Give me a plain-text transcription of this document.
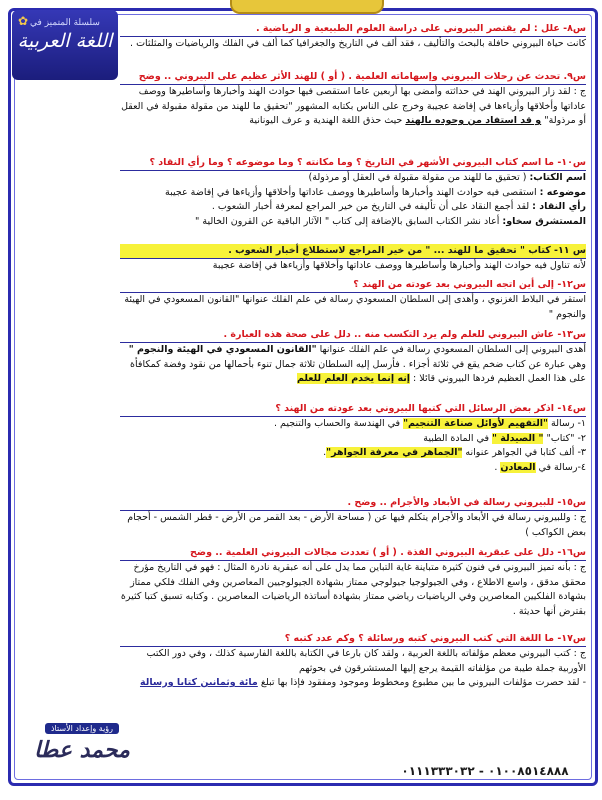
✿ سلسلة المتميز في
اللغة العربية
س٨- علل : لم يقتصر البيروني على دراسة العلوم الطبيعية و الرياضية .

كانت حياة البيروني حافلة بالبحث والتأليف ، فقد ألف في التاريخ والجغرافيا كما ألف في الفلك والرياضيات والمثلثات .

س٩. تحدث عن رحلات البيروني وإسهاماته العلمية . ( أو ) للهند الأثر عظيم على البيروني .. وضح

ج : لقد زار البيروني الهند في حداثته وأمضى بها أربعين عاما استقصى فيها حوادث الهند وأخبارها وأساطيرها ووصف عاداتها وأخلاقها وأزياءها في إفاضة عجيبة وخرج على الناس بكتابه المشهور "تحقيق ما للهند من مقولة مقبولة في العقل أو مرذولة" و قد استفاد من وجوده بالهند حيث حذق اللغة الهندية و عرف اليونانية

س١٠- ما اسم كتاب البيروني الأشهر في التاريخ ؟ وما مكانته ؟ وما موضوعه ؟ وما رأي النقاد ؟

اسم الكتاب: ( تحقيق ما للهند من مقولة مقبولة في العقل أو مرذولة)

موضوعه : استقصى فيه حوادث الهند وأخبارها وأساطيرها ووصف عاداتها وأخلاقها وأزياءها في إفاضة عجيبة

رأي النقاد : لقد أجمع النقاد على أن تأليفه في التاريخ من خير المراجع لمعرفة أخبار الشعوب .

المستشرق سخاو: أعاد نشر الكتاب السابق بالإضافة إلى كتاب " الآثار الباقية عن القرون الخالية "

س ١١- كتاب " تحقيق ما للهند ... " من خير المراجع لاستطلاع أخبار الشعوب .

لأنه تناول فيه حوادث الهند وأخبارها وأساطيرها ووصف عاداتها وأخلاقها وأزياءها في إفاضة عجيبة

س١٢- إلى أين اتجه البيروني بعد عودته من الهند ؟

استقر في البلاط الغزنوي ، وأهدى إلى السلطان المسعودي رسالة في علم الفلك عنوانها "القانون المسعودي في الهيئة والنجوم "

س١٣- عاش البيروني للعلم ولم يرد التكسب منه .. دلل على صحة هذه العبارة .

أهدى البيروني إلى السلطان المسعودي رسالة في علم الفلك عنوانها "القانون المسعودي في الهيئة والنجوم " وهي عبارة عن كتاب ضخم يقع في ثلاثة أجزاء . فأرسل إليه السلطان ثلاثة جمال تنوء بأحمالها من نقود وفضة كمكافأة على هذا العمل العظيم فردها البيروني قائلا : إنه إنما يخدم العلم للعلم

س١٤- اذكر بعض الرسائل التي كتبها البيروني بعد عودته من الهند ؟

١- رسالة "التفهيم لأوائل صناعة التنجيم" في الهندسة والحساب والتنجيم .

٢- "كتاب" " الصيدلة " في المادة الطبية

٣- ألف كتابا في الجواهر عنوانه "الجماهر في معرفة الجواهر".

٤-رسالة في المعادن .

س١٥- للبيروني رسالة في الأبعاد والأجرام .. وضح .

ج : وللبيروني رسالة في الأبعاد والأجرام يتكلم فيها عن ( مساحة الأرض - بعد القمر من الأرض - قطر الشمس - أحجام بعض الكواكب )

س١٦- دلل على عبقرية البيروني الفذة . ( أو ) تعددت مجالات البيروني العلمية .. وضح

ج : بأنه تميز البيروني في فنون كثيرة متباينة غاية التباين مما يدل على أنه عبقرية نادرة المثال : فهو في التاريخ مؤرخ محقق مدقق ، واسع الاطلاع ، وفي الجيولوجيا جيولوجي ممتاز بشهادة الجيولوجيين المعاصرين وفي الفلك فلكي ممتاز بشهادة الفلكيين المعاصرين وفي الرياضيات رياضي ممتاز بشهادة أساتذة الرياضيات المعاصرين . وكتابه تسبق كتبا كثيرة بقترض أنها حديثة .

س١٧- ما اللغة التي كتب البيروني كتبه ورسائلة ؟ وكم عدد كتبه ؟

ج : كتب البيروني معظم مؤلفاته باللغة العربية ، ولقد كان بارعا في الكتابة باللغة الفارسية كذلك ، وفي دور الكتب الأوربية جملة طيبة من مؤلفاته القيمة يرجع إليها المستشرقون في بحوثهم

- لقد حصرت مؤلفات البيروني ما بين مطبوع ومخطوط وموجود ومفقود فإذا بها تبلغ مائة وثمانين كتابا ورسالة

رؤية وإعداد الأستاذ
محمد عطا
٠١٠٠٨٥١٤٨٨٨ - ٠١١١٣٣٣٠٣٢
